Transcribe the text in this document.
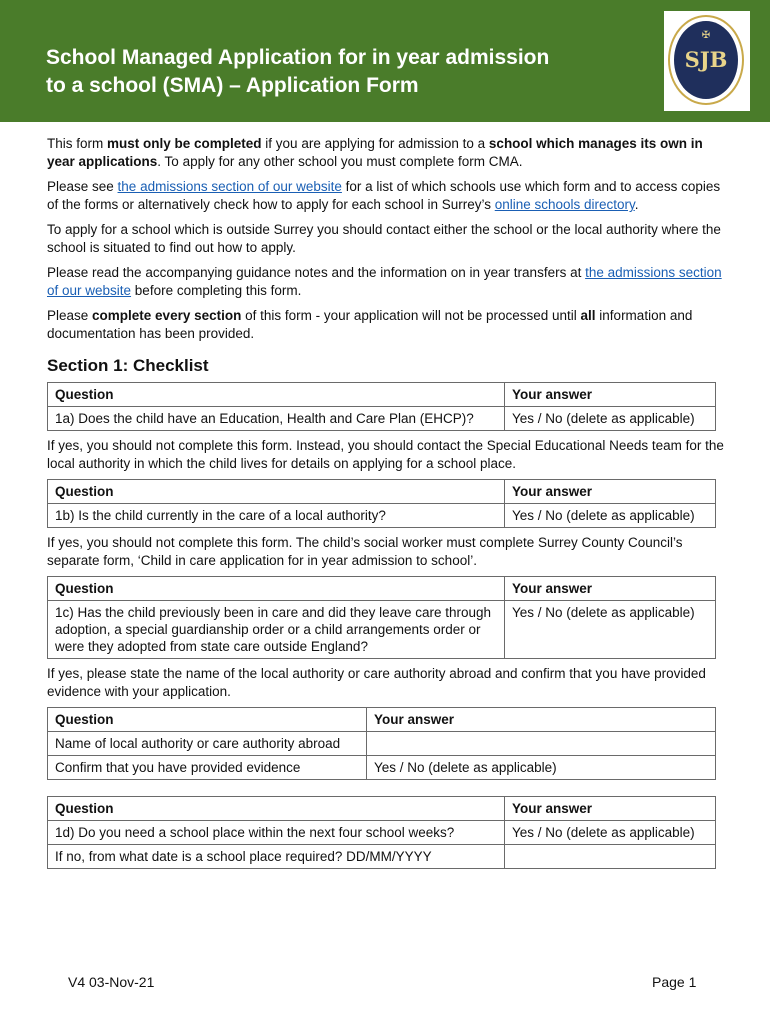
School Managed Application for in year admission
to a school (SMA) – Application Form
✠
SJB

This form must only be completed if you are applying for admission to a school which manages its own in year applications. To apply for any other school you must complete form CMA.

Please see the admissions section of our website for a list of which schools use which form and to access copies of the forms or alternatively check how to apply for each school in Surrey’s online schools directory.

To apply for a school which is outside Surrey you should contact either the school or the local authority where the school is situated to find out how to apply.

Please read the accompanying guidance notes and the information on in year transfers at the admissions section of our website before completing this form.

Please complete every section of this form - your application will not be processed until all information and documentation has been provided.

Section 1: Checklist
Question	Your answer
1a) Does the child have an Education, Health and Care Plan (EHCP)?	Yes / No (delete as applicable)
If yes, you should not complete this form. Instead, you should contact the Special Educational Needs team for the local authority in which the child lives for details on applying for a school place.
Question	Your answer
1b) Is the child currently in the care of a local authority?	Yes / No (delete as applicable)
If yes, you should not complete this form. The child’s social worker must complete Surrey County Council’s separate form, ‘Child in care application for in year admission to school’.
Question	Your answer
1c) Has the child previously been in care and did they leave care through adoption, a special guardianship order or a child arrangements order or were they adopted from state care outside England?	Yes / No (delete as applicable)
If yes, please state the name of the local authority or care authority abroad and confirm that you have provided evidence with your application.
Question	Your answer
Name of local authority or care authority abroad	
Confirm that you have provided evidence	Yes / No (delete as applicable)
Question	Your answer
1d) Do you need a school place within the next four school weeks?	Yes / No (delete as applicable)
If no, from what date is a school place required? DD/MM/YYYY	
V4 03-Nov-21	Page 1
